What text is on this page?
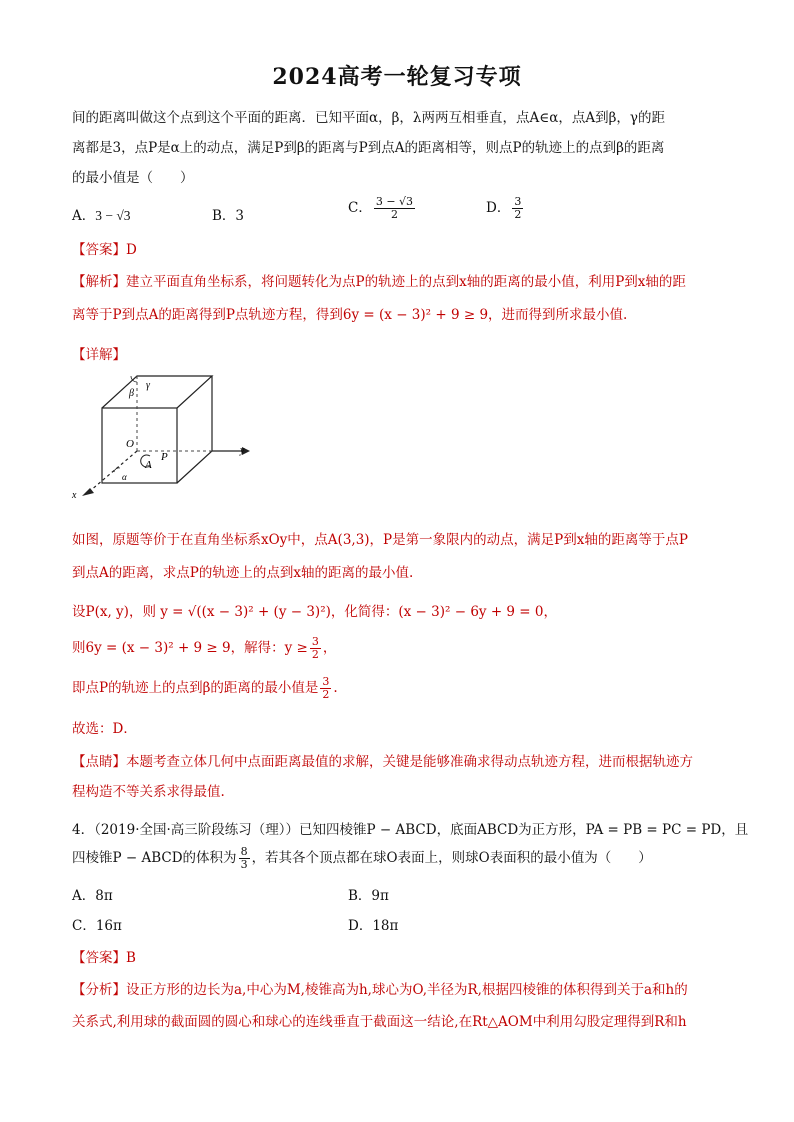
2024高考一轮复习专项
间的距离叫做这个点到这个平面的距离．已知平面α，β，λ两两互相垂直，点A∈α，点A到β，γ的距
离都是3，点P是α上的动点，满足P到β的距离与P到点A的距离相等，则点P的轨迹上的点到β的距离
的最小值是（　　）
A．3 − √3	B．3	C． $\frac{3 - √3}{2}$	D． $\frac{3}{2}$
【答案】D
【解析】建立平面直角坐标系，将问题转化为点P的轨迹上的点到x轴的距离的最小值，利用P到x轴的距
离等于P到点A的距离得到P点轨迹方程，得到6y = (x − 3)² + 9 ≥ 9，进而得到所求最小值.
【详解】
β
γ
O
A
P
y
x
α
如图，原题等价于在直角坐标系xOy中，点A(3,3)，P是第一象限内的动点，满足P到x轴的距离等于点P
到点A的距离，求点P的轨迹上的点到x轴的距离的最小值.
设P(x, y)，则 y = √((x − 3)² + (y − 3)²)，化简得：(x − 3)² − 6y + 9 = 0，
则6y = (x − 3)² + 9 ≥ 9，解得：$y \ge \frac{3}{2}$ ，
即点P的轨迹上的点到β的距离的最小值是 $\frac{3}{2}$ .
故选：D．
【点睛】本题考查立体几何中点面距离最值的求解，关键是能够准确求得动点轨迹方程，进而根据轨迹方
程构造不等关系求得最值.
4．（2019·全国·高三阶段练习（理））已知四棱锥P − ABCD，底面ABCD为正方形，PA = PB = PC = PD，且
四棱锥P − ABCD的体积为 $\frac{8}{3}$ ，若其各个顶点都在球O表面上，则球O表面积的最小值为（　　）
A．8π	B．9π
C．16π	D．18π
【答案】B
【分析】设正方形的边长为a,中心为M,棱锥高为h,球心为O,半径为R,根据四棱锥的体积得到关于a和h的
关系式,利用球的截面圆的圆心和球心的连线垂直于截面这一结论,在Rt△AOM中利用勾股定理得到R和h
